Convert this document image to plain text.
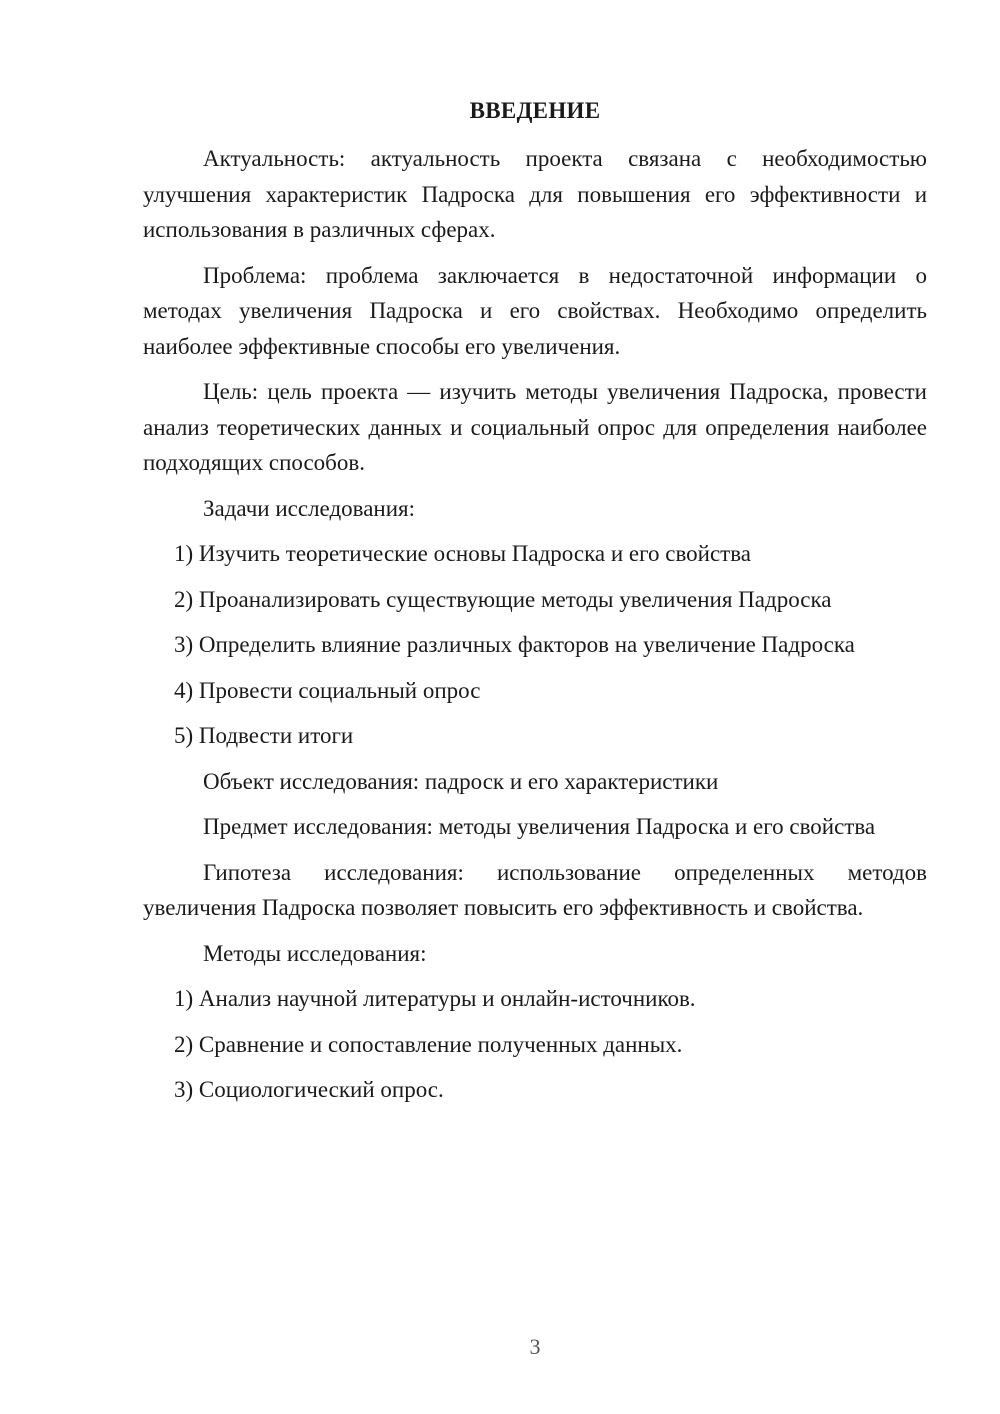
ВВЕДЕНИЕ

Актуальность: актуальность проекта связана с необходимостью улучшения характеристик Падроска для повышения его эффективности и использования в различных сферах.

Проблема: проблема заключается в недостаточной информации о методах увеличения Падроска и его свойствах. Необходимо определить наиболее эффективные способы его увеличения.

Цель: цель проекта — изучить методы увеличения Падроска, провести анализ теоретических данных и социальный опрос для определения наиболее подходящих способов.

Задачи исследования:

1) Изучить теоретические основы Падроска и его свойства

2) Проанализировать существующие методы увеличения Падроска

3) Определить влияние различных факторов на увеличение Падроска

4) Провести социальный опрос

5) Подвести итоги

Объект исследования: падроск и его характеристики

Предмет исследования: методы увеличения Падроска и его свойства

Гипотеза исследования: использование определенных методов увеличения Падроска позволяет повысить его эффективность и свойства.

Методы исследования:

1) Анализ научной литературы и онлайн-источников.

2) Сравнение и сопоставление полученных данных.

3) Социологический опрос.

3
